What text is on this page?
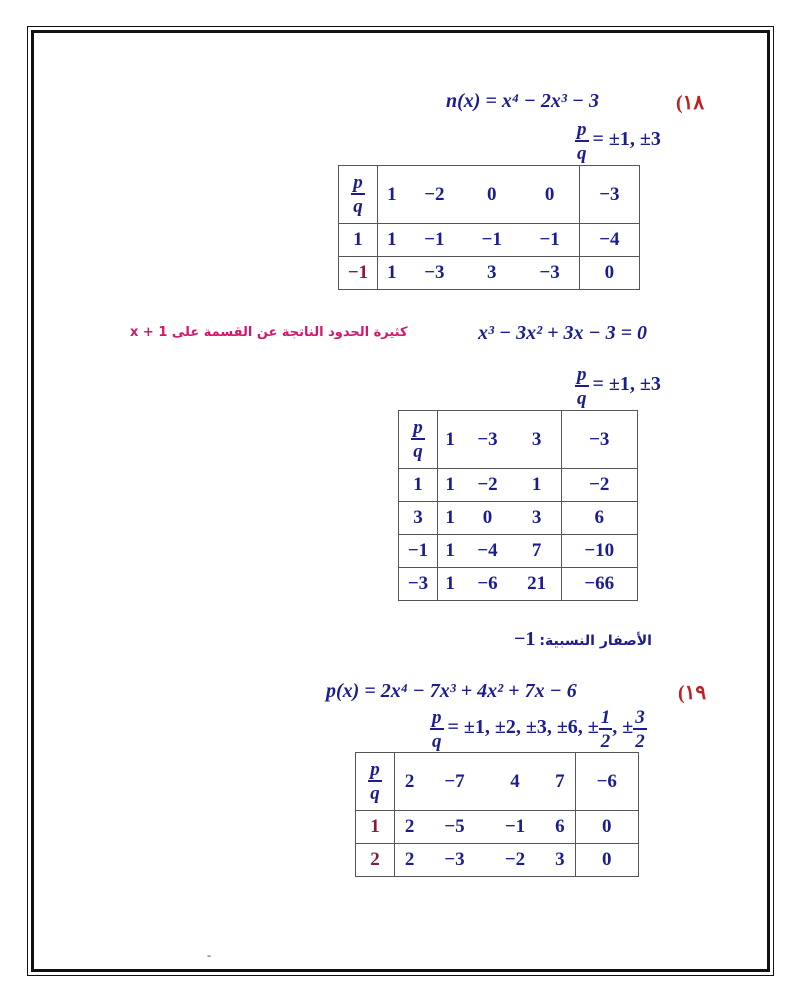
(١٨
n(x) = x⁴ − 2x³ − 3
$\frac{p}{q} = \pm 1$, ±3
$\frac{p}{q}$	1	−2	0	0	−3
1	1	−1	−1	−1	−4
−1	1	−3	3	−3	0
كثيرة الحدود الناتجة عن القسمة على x + 1	x³ − 3x² + 3x − 3 = 0
$\frac{p}{q} = \pm 1$, ±3
$\frac{p}{q}$	1	−3	3	−3
1	1	−2	1	−2
3	1	0	3	6
−1	1	−4	7	−10
−3	1	−6	21	−66
−1 الأصفار النسبية:
(١٩
p(x) = 2x⁴ − 7x³ + 4x² + 7x − 6
$\frac{p}{q} = \pm 1$, ±2, ±3, ±6, ± $\frac{1}{2}$ , ± $\frac{3}{2}$
$\frac{p}{q}$	2	−7	4	7	−6
1	2	−5	−1	6	0
2	2	−3	−2	3	0
-
